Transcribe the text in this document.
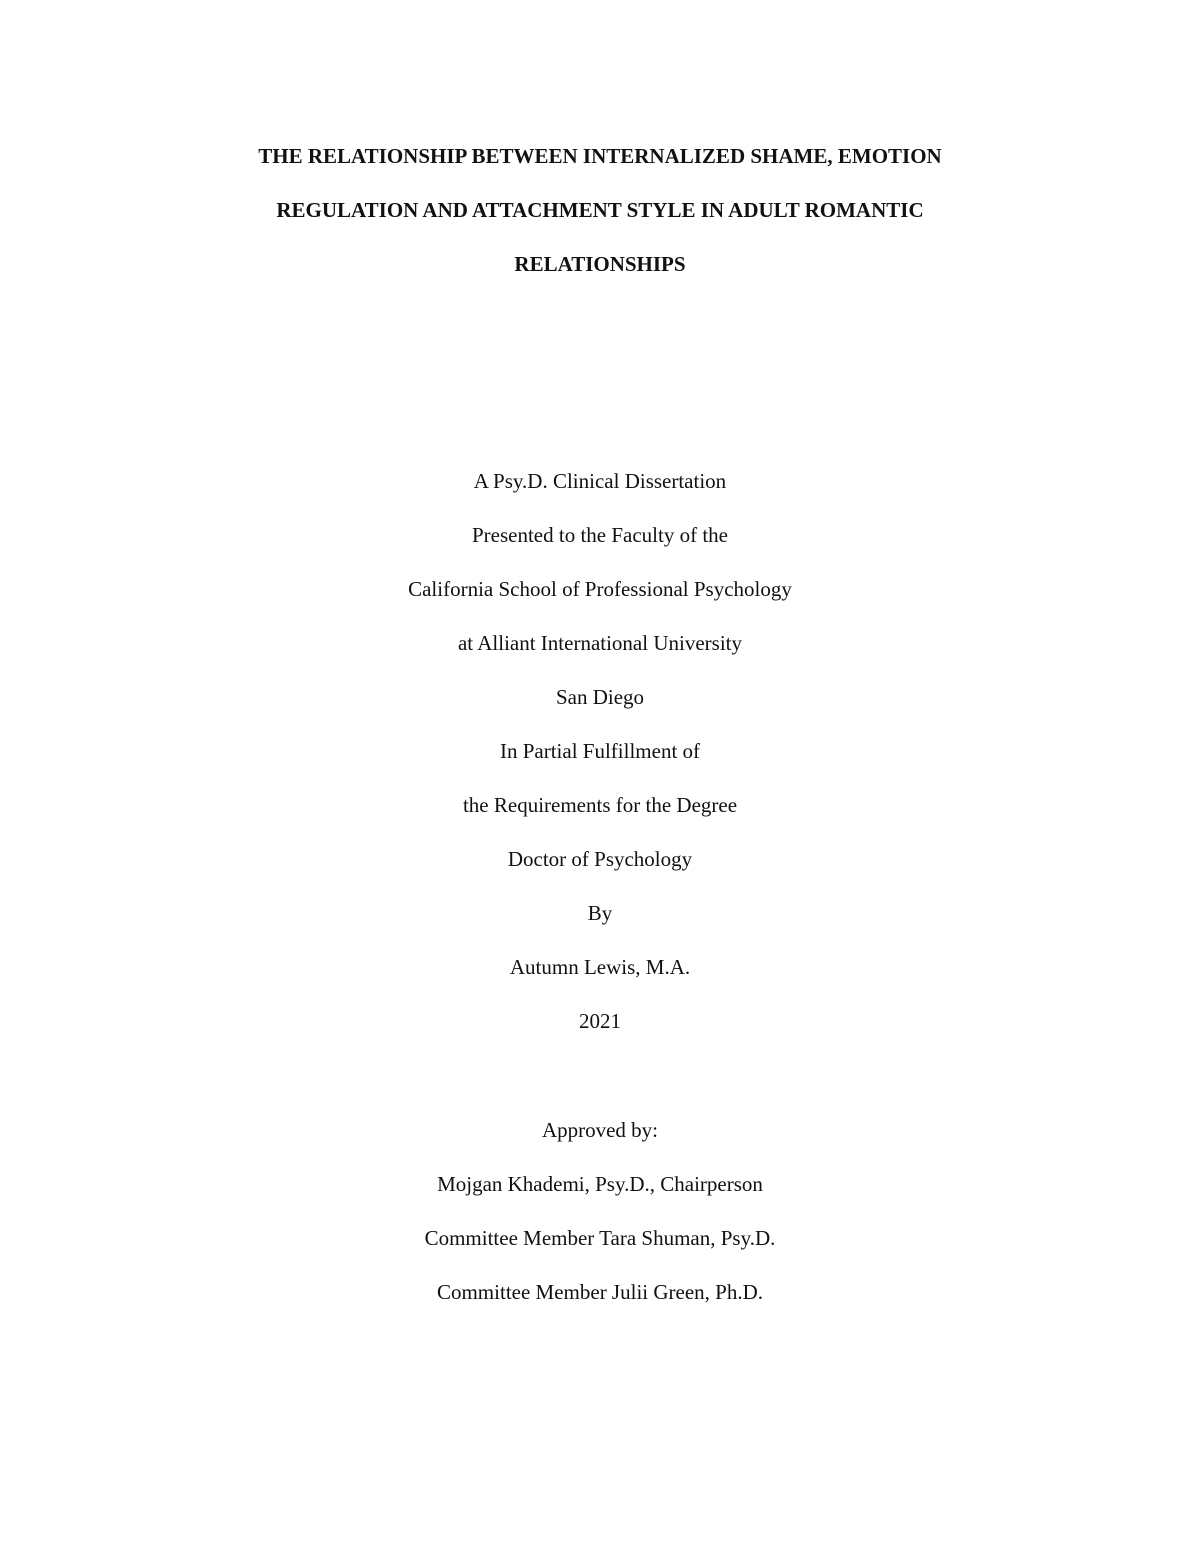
THE RELATIONSHIP BETWEEN INTERNALIZED SHAME, EMOTION
REGULATION AND ATTACHMENT STYLE IN ADULT ROMANTIC
RELATIONSHIPS
A Psy.D. Clinical Dissertation
Presented to the Faculty of the
California School of Professional Psychology
at Alliant International University
San Diego
In Partial Fulfillment of
the Requirements for the Degree
Doctor of Psychology
By
Autumn Lewis, M.A.
2021
Approved by:
Mojgan Khademi, Psy.D., Chairperson
Committee Member Tara Shuman, Psy.D.
Committee Member Julii Green, Ph.D.
